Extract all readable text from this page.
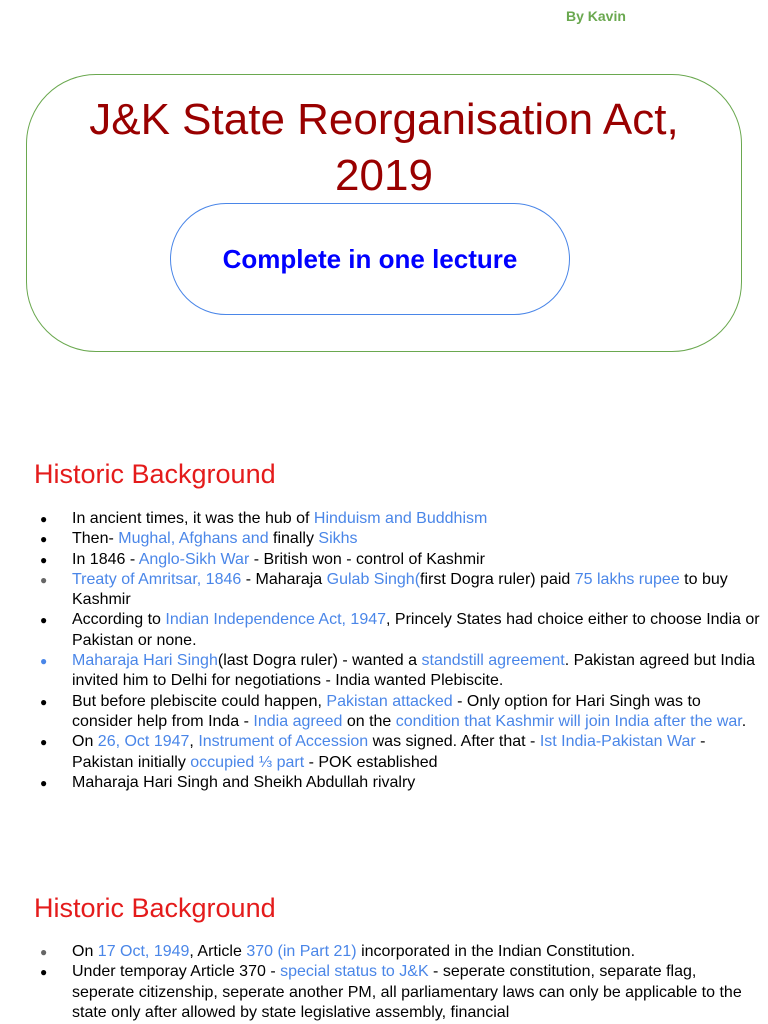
By Kavin
J&K State Reorganisation Act,
2019
Complete in one lecture
Historic Background
● In ancient times, it was the hub of Hinduism and Buddhism
● Then- Mughal, Afghans and finally Sikhs
● In 1846 - Anglo-Sikh War - British won - control of Kashmir
● Treaty of Amritsar, 1846 - Maharaja Gulab Singh(first Dogra ruler) paid 75 lakhs rupee to buy Kashmir
● According to Indian Independence Act, 1947, Princely States had choice either to choose India or Pakistan or none.
● Maharaja Hari Singh(last Dogra ruler) - wanted a standstill agreement. Pakistan agreed but India invited him to Delhi for negotiations - India wanted Plebiscite.
● But before plebiscite could happen, Pakistan attacked - Only option for Hari Singh was to consider help from Inda - India agreed on the condition that Kashmir will join India after the war.
● On 26, Oct 1947, Instrument of Accession was signed. After that - Ist India-Pakistan War - Pakistan initially occupied ⅓ part - POK established
● Maharaja Hari Singh and Sheikh Abdullah rivalry
Historic Background
● On 17 Oct, 1949, Article 370 (in Part 21) incorporated in the Indian Constitution.
● Under temporay Article 370 - special status to J&K - seperate constitution, separate flag, seperate citizenship, seperate another PM, all parliamentary laws can only be applicable to the state only after allowed by state legislative assembly, financial
